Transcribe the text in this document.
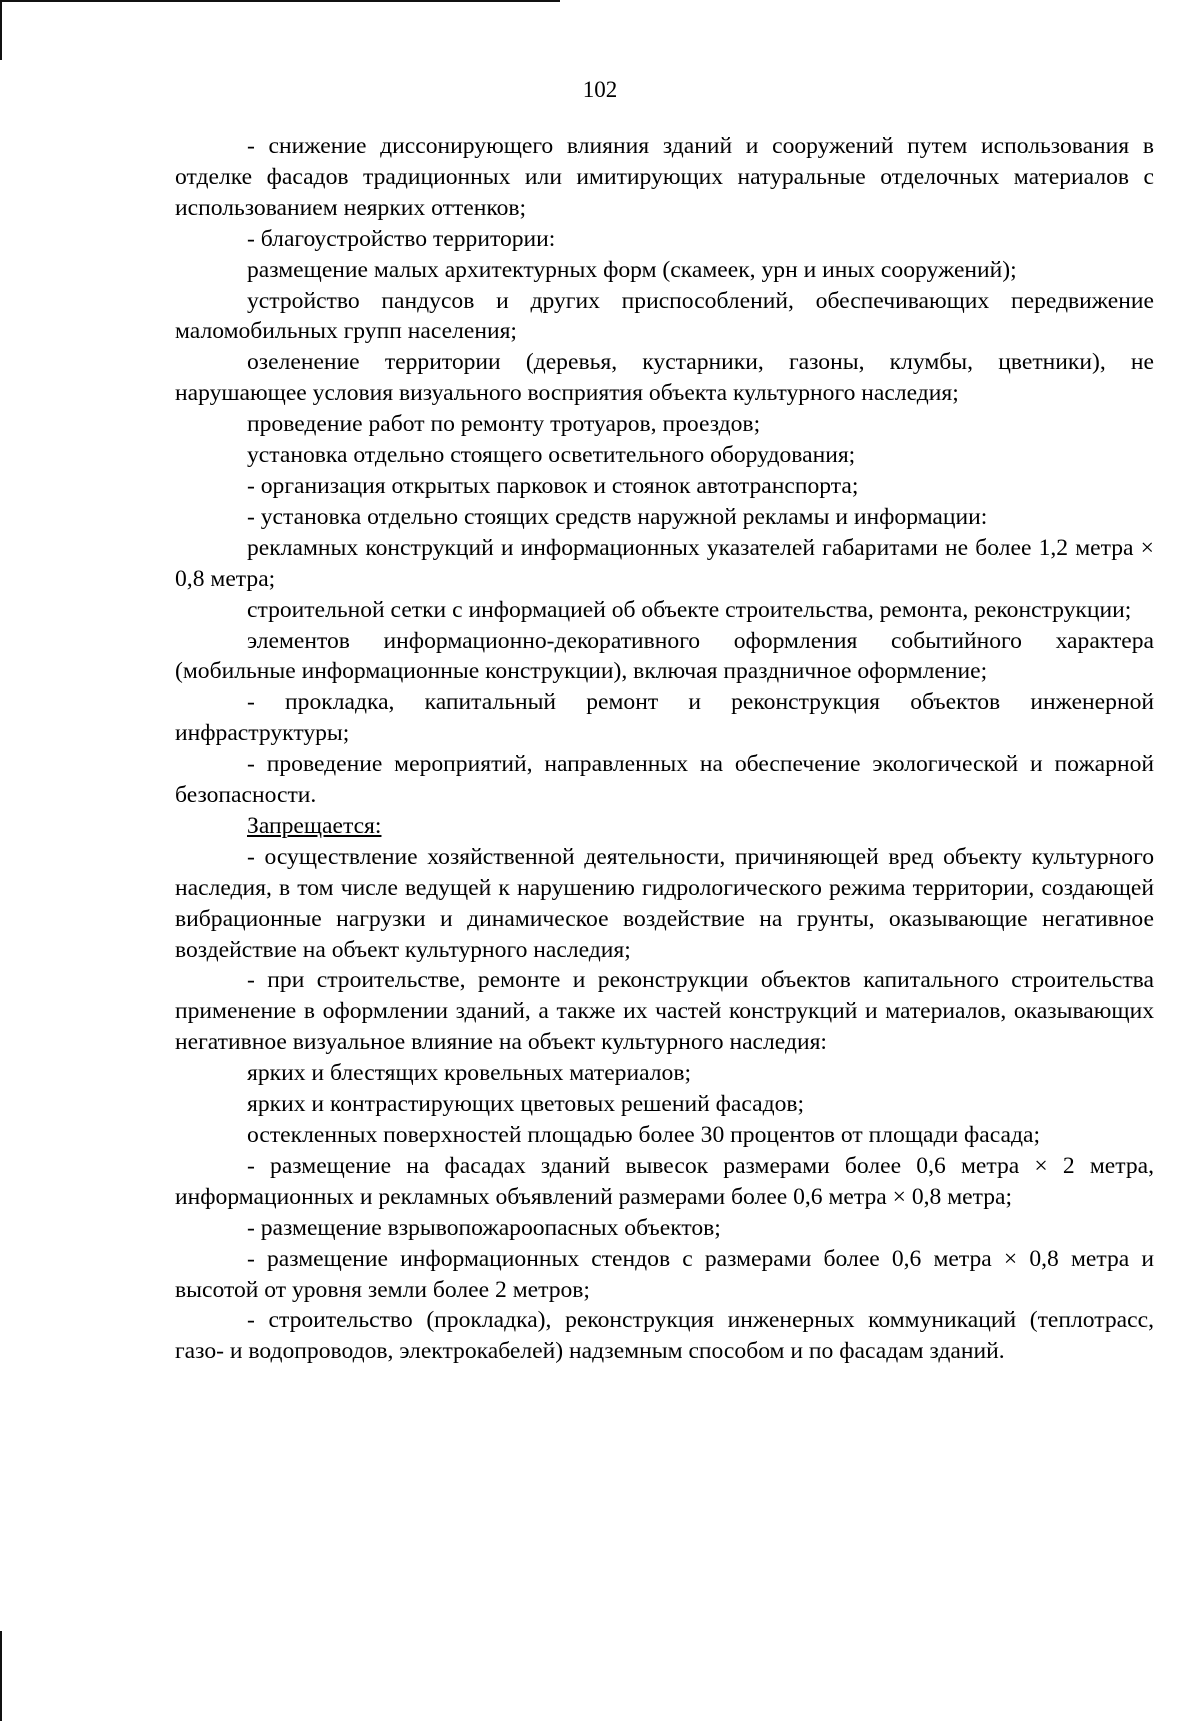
102

- снижение диссонирующего влияния зданий и сооружений путем использования в отделке фасадов традиционных или имитирующих натуральные отделочных материалов с использованием неярких оттенков;

- благоустройство территории:

размещение малых архитектурных форм (скамеек, урн и иных сооружений);

устройство пандусов и других приспособлений, обеспечивающих передвижение маломобильных групп населения;

озеленение территории (деревья, кустарники, газоны, клумбы, цветники), не нарушающее условия визуального восприятия объекта культурного наследия;

проведение работ по ремонту тротуаров, проездов;

установка отдельно стоящего осветительного оборудования;

- организация открытых парковок и стоянок автотранспорта;

- установка отдельно стоящих средств наружной рекламы и информации:

рекламных конструкций и информационных указателей габаритами не более 1,2 метра × 0,8 метра;

строительной сетки с информацией об объекте строительства, ремонта, реконструкции;

элементов информационно-декоративного оформления событийного характера (мобильные информационные конструкции), включая праздничное оформление;

- прокладка, капитальный ремонт и реконструкция объектов инженерной инфраструктуры;

- проведение мероприятий, направленных на обеспечение экологической и пожарной безопасности.

Запрещается:

- осуществление хозяйственной деятельности, причиняющей вред объекту культурного наследия, в том числе ведущей к нарушению гидрологического режима территории, создающей вибрационные нагрузки и динамическое воздействие на грунты, оказывающие негативное воздействие на объект культурного наследия;

- при строительстве, ремонте и реконструкции объектов капитального строительства применение в оформлении зданий, а также их частей конструкций и материалов, оказывающих негативное визуальное влияние на объект культурного наследия:

ярких и блестящих кровельных материалов;

ярких и контрастирующих цветовых решений фасадов;

остекленных поверхностей площадью более 30 процентов от площади фасада;

- размещение на фасадах зданий вывесок размерами более 0,6 метра × 2 метра, информационных и рекламных объявлений размерами более 0,6 метра × 0,8 метра;

- размещение взрывопожароопасных объектов;

- размещение информационных стендов с размерами более 0,6 метра × 0,8 метра и высотой от уровня земли более 2 метров;

- строительство (прокладка), реконструкция инженерных коммуникаций (теплотрасс, газо- и водопроводов, электрокабелей) надземным способом и по фасадам зданий.
